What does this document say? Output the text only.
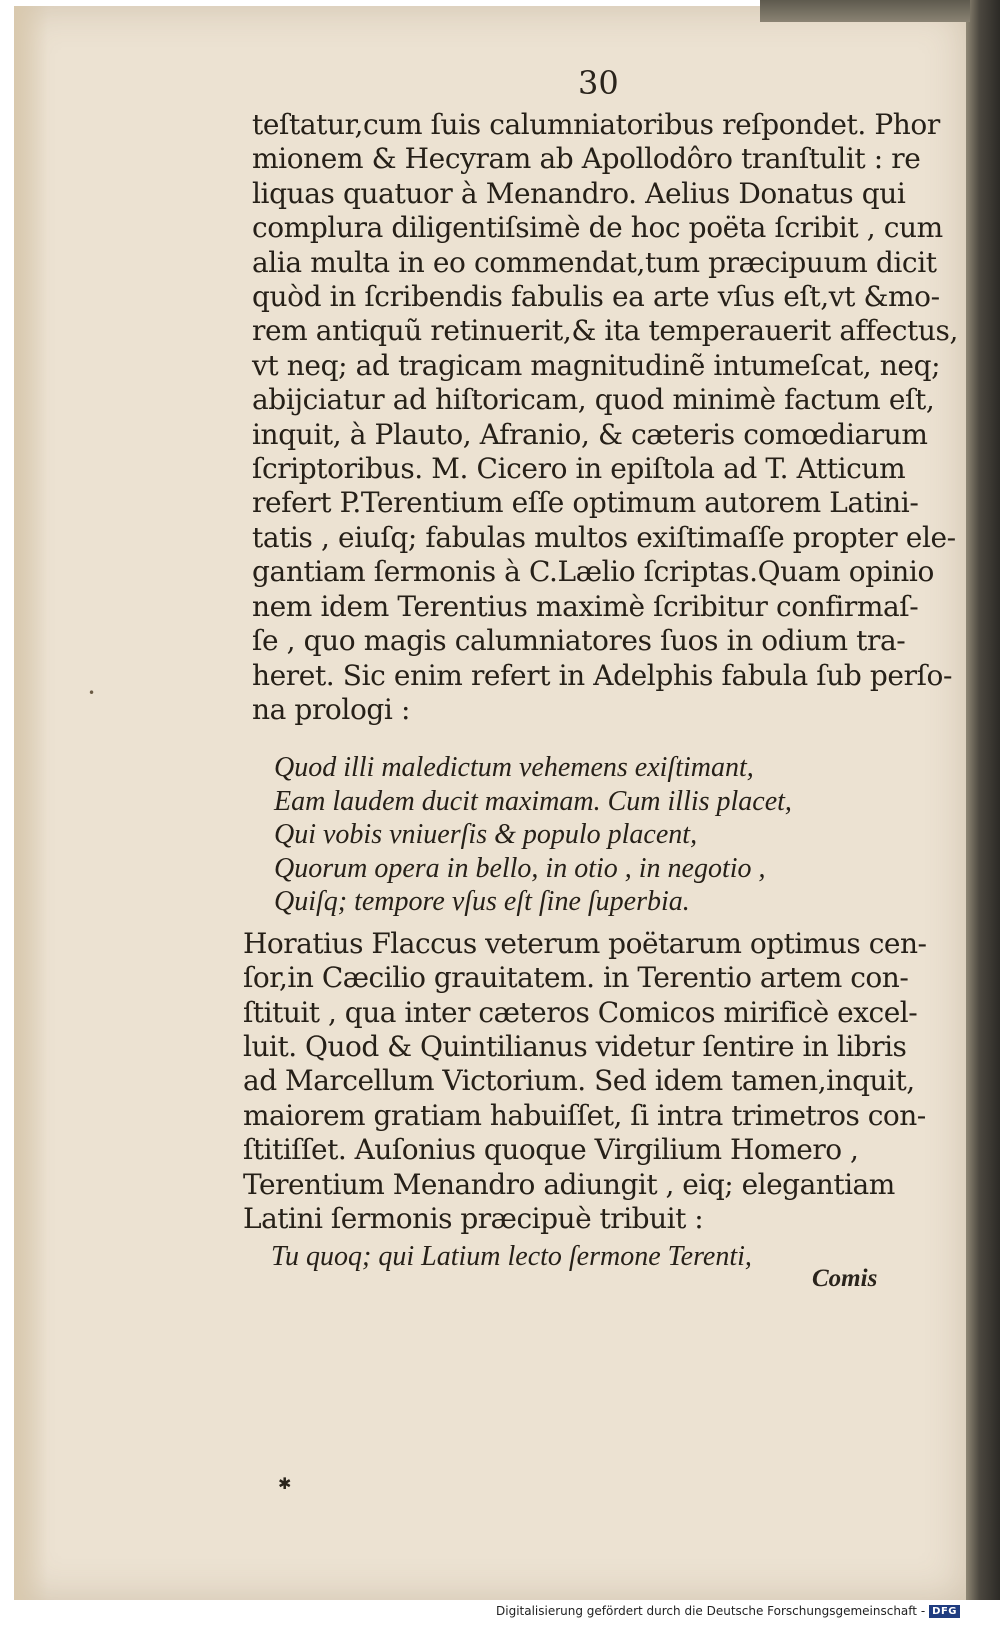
30
•
✱
teſtatur,cum ſuis calumniatoribus reſpondet. Phor
mionem & Hecyram ab Apollodôro tranſtulit : re
liquas quatuor à Menandro. Aelius Donatus qui
complura diligentiſsimè de hoc poëta ſcribit , cum
alia multa in eo commendat,tum præcipuum dicit
quòd in ſcribendis fabulis ea arte vſus eſt,vt &mo-
rem antiquũ retinuerit,& ita temperauerit affectus,
vt neq; ad tragicam magnitudinẽ intumeſcat, neq;
abijciatur ad hiſtoricam, quod minimè factum eſt,
inquit, à Plauto, Afranio, & cæteris comœdiarum
ſcriptoribus. M. Cicero in epiſtola ad T. Atticum
refert P.Terentium eſſe optimum autorem Latini-
tatis , eiuſq; fabulas multos exiſtimaſſe propter ele-
gantiam ſermonis à C.Lælio ſcriptas.Quam opinio
nem idem Terentius maximè ſcribitur confirmaſ-
ſe , quo magis calumniatores ſuos in odium tra-
heret. Sic enim refert in Adelphis fabula ſub perſo-
na prologi :
Quod illi maledictum vehemens exiſtimant,
Eam laudem ducit maximam. Cum illis placet,
Qui vobis vniuerſis & populo placent,
Quorum opera in bello, in otio , in negotio ,
Quiſq; tempore vſus eſt ſine ſuperbia.
Horatius Flaccus veterum poëtarum optimus cen-
ſor,in Cæcilio grauitatem. in Terentio artem con-
ſtituit , qua inter cæteros Comicos mirificè excel-
luit. Quod & Quintilianus videtur ſentire in libris
ad Marcellum Victorium. Sed idem tamen,inquit,
maiorem gratiam habuiſſet, ſi intra trimetros con-
ſtitiſſet. Auſonius quoque Virgilium Homero ,
Terentium Menandro adiungit , eiq; elegantiam
Latini ſermonis præcipuè tribuit :
Tu quoq; qui Latium lecto ſermone Terenti,
Comis
Digitalisierung gefördert durch die Deutsche Forschungsgemeinschaft - DFG
